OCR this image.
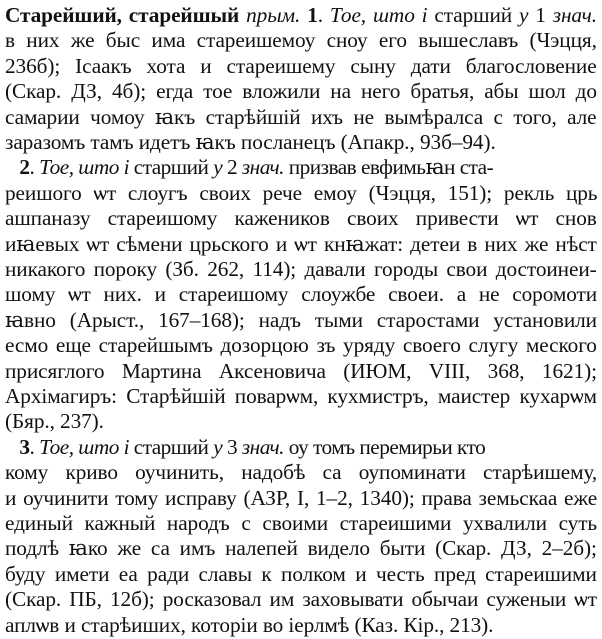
Старейший, старейшый прым. 1. Тое, што і старший у 1 знач.
в них же быс има стареишемоу сноу его вышеславъ (Чэцця,
236б); Ісаакъ хота и стареишему сыну дати благословение
(Скар. ДЗ, 4б); егда тое вложили на него братья, абы шол до
самарии чомоу ꙗкъ старѣйшій ихъ не вымѣралса с того, але
заразомъ тамъ идетъ ꙗкъ посланецъ (Апакр., 93б–94).
2. Тое, што і старший у 2 знач. призвав евфимьꙗн ста-
реишого ѡт слоугъ своих рече емоу (Чэцця, 151); рекль црь
ашпаназу стареишому кажеников своих привести ѡт снов
иꙗевых ѡт сѣмени црьского и ѡт кнꙗжат: детеи в них же нѣст
никакого пороку (Зб. 262, 114); давали городы свои достоинеи-
шому ѡт них. и стареишому слоужбе своеи. а не соромоти
ꙗвно (Арыст., 167–168); надъ тыми старостами установили
есмо еще старейшымъ дозорцою зъ уряду своего слугу меского
присяглого Мартина Аксеновича (ИЮМ, VIII, 368, 1621);
Архімагиръ: Старѣйшій поварѡм, кухмистръ, маистер кухарѡм
(Бяр., 237).
3. Тое, што і старший у 3 знач. оу томъ перемирьи кто
кому криво оучинить, надобѣ са оупоминати старѣишему,
и оучинити тому исправу (АЗР, I, 1–2, 1340); права земьскаа еже
единый кажный народъ с своими стареишими ухвалили суть
подлѣ ꙗко же са имъ налепей видело быти (Скар. ДЗ, 2–2б);
буду имети еа ради славы к полком и честь пред стареишими
(Скар. ПБ, 12б); росказовал им заховывати обычаи суженыи ѡт
аплѡв и старѣиших, которіи во іерлмѣ (Каз. Кір., 213).
